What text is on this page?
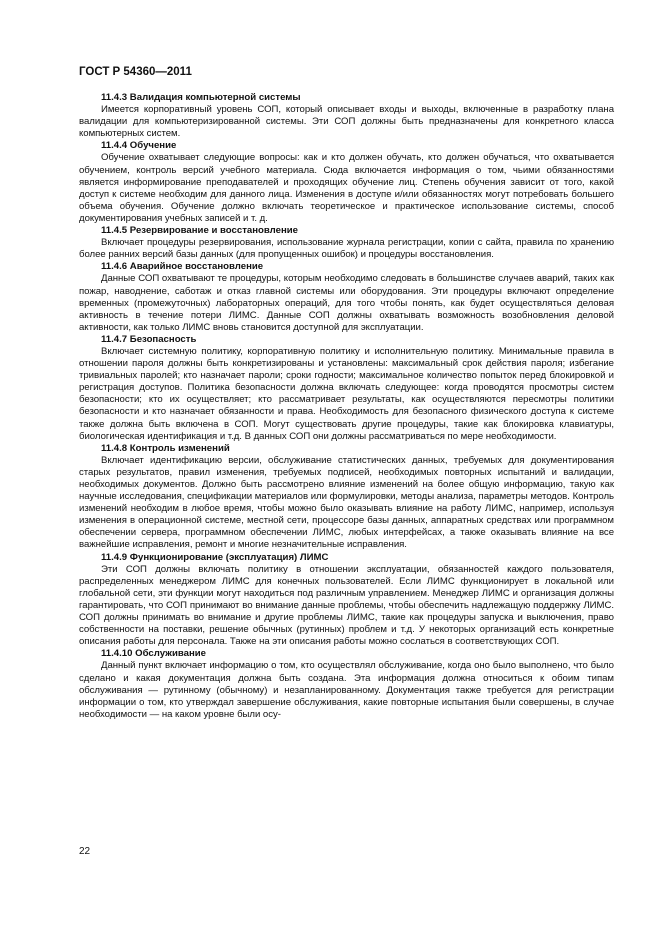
ГОСТ Р 54360—2011

11.4.3 Валидация компьютерной системы

Имеется корпоративный уровень СОП, который описывает входы и выходы, включенные в разработку плана валидации для компьютеризированной системы. Эти СОП должны быть предназначены для конкретного класса компьютерных систем.

11.4.4 Обучение

Обучение охватывает следующие вопросы: как и кто должен обучать, кто должен обучаться, что охватывается обучением, контроль версий учебного материала. Сюда включается информация о том, чьими обязанностями является информирование преподавателей и проходящих обучение лиц. Степень обучения зависит от того, какой доступ к системе необходим для данного лица. Изменения в доступе и/или обязанностях могут потребовать большего объема обучения. Обучение должно включать теоретическое и практическое использование системы, способ документирования учебных записей и т. д.

11.4.5 Резервирование и восстановление

Включает процедуры резервирования, использование журнала регистрации, копии с сайта, правила по хранению более ранних версий базы данных (для пропущенных ошибок) и процедуры восстановления.

11.4.6 Аварийное восстановление

Данные СОП охватывают те процедуры, которым необходимо следовать в большинстве случаев аварий, таких как пожар, наводнение, саботаж и отказ главной системы или оборудования. Эти процедуры включают определение временных (промежуточных) лабораторных операций, для того чтобы понять, как будет осуществляться деловая активность в течение потери ЛИМС. Данные СОП должны охватывать возможность возобновления деловой активности, как только ЛИМС вновь становится доступной для эксплуатации.

11.4.7 Безопасность

Включает системную политику, корпоративную политику и исполнительную политику. Минимальные правила в отношении пароля должны быть конкретизированы и установлены: максимальный срок действия пароля; избегание тривиальных паролей; кто назначает пароли; сроки годности; максимальное количество попыток перед блокировкой и регистрация доступов. Политика безопасности должна включать следующее: когда проводятся просмотры систем безопасности; кто их осуществляет; кто рассматривает результаты, как осуществляются пересмотры политики безопасности и кто назначает обязанности и права. Необходимость для безопасного физического доступа к системе также должна быть включена в СОП. Могут существовать другие процедуры, такие как блокировка клавиатуры, биологическая идентификация и т.д. В данных СОП они должны рассматриваться по мере необходимости.

11.4.8 Контроль изменений

Включает идентификацию версии, обслуживание статистических данных, требуемых для документирования старых результатов, правил изменения, требуемых подписей, необходимых повторных испытаний и валидации, необходимых документов. Должно быть рассмотрено влияние изменений на более общую информацию, такую как научные исследования, спецификации материалов или формулировки, методы анализа, параметры методов. Контроль изменений необходим в любое время, чтобы можно было оказывать влияние на работу ЛИМС, например, используя изменения в операционной системе, местной сети, процессоре базы данных, аппаратных средствах или программном обеспечении сервера, программном обеспечении ЛИМС, любых интерфейсах, а также оказывать влияние на все важнейшие исправления, ремонт и многие незначительные исправления.

11.4.9 Функционирование (эксплуатация) ЛИМС

Эти СОП должны включать политику в отношении эксплуатации, обязанностей каждого пользователя, распределенных менеджером ЛИМС для конечных пользователей. Если ЛИМС функционирует в локальной или глобальной сети, эти функции могут находиться под различным управлением. Менеджер ЛИМС и организация должны гарантировать, что СОП принимают во внимание данные проблемы, чтобы обеспечить надлежащую поддержку ЛИМС. СОП должны принимать во внимание и другие проблемы ЛИМС, такие как процедуры запуска и выключения, право собственности на поставки, решение обычных (рутинных) проблем и т.д. У некоторых организаций есть конкретные описания работы для персонала. Также на эти описания работы можно сослаться в соответствующих СОП.

11.4.10 Обслуживание

Данный пункт включает информацию о том, кто осуществлял обслуживание, когда оно было выполнено, что было сделано и какая документация должна быть создана. Эта информация должна относиться к обоим типам обслуживания — рутинному (обычному) и незапланированному. Документация также требуется для регистрации информации о том, кто утверждал завершение обслуживания, какие повторные испытания были совершены, в случае необходимости — на каком уровне были осу-

22
